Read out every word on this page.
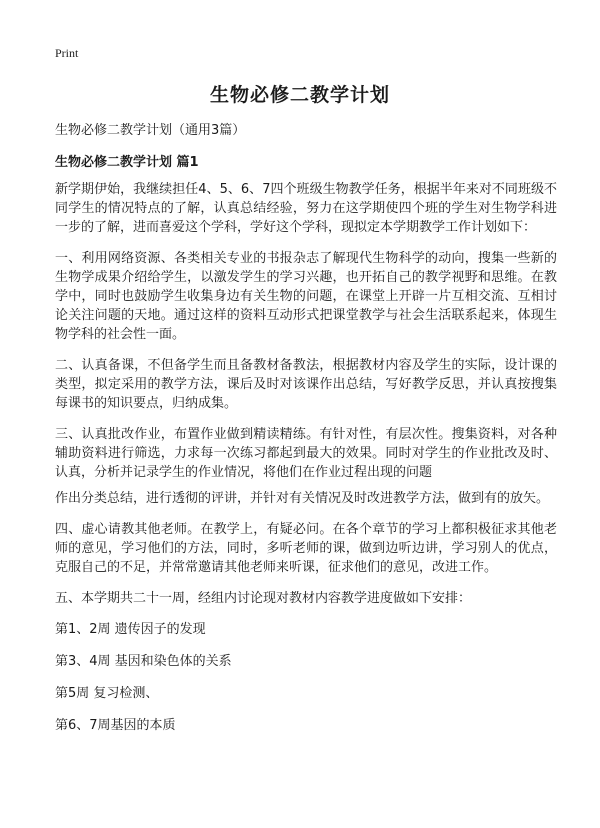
Print
生物必修二教学计划
生物必修二教学计划（通用3篇）
生物必修二教学计划 篇1

新学期伊始，我继续担任4、5、6、7四个班级生物教学任务，根据半年来对不同班级不同学生的情况特点的了解，认真总结经验，努力在这学期使四个班的学生对生物学科进一步的了解，进而喜爱这个学科，学好这个学科，现拟定本学期教学工作计划如下：

一、利用网络资源、各类相关专业的书报杂志了解现代生物科学的动向，搜集一些新的生物学成果介绍给学生，以激发学生的学习兴趣，也开拓自己的教学视野和思维。在教学中，同时也鼓励学生收集身边有关生物的问题，在课堂上开辟一片互相交流、互相讨论关注问题的天地。通过这样的资料互动形式把课堂教学与社会生活联系起来，体现生物学科的社会性一面。

二、认真备课，不但备学生而且备教材备教法，根据教材内容及学生的实际，设计课的类型，拟定采用的教学方法，课后及时对该课作出总结，写好教学反思，并认真按搜集每课书的知识要点，归纳成集。

三、认真批改作业，布置作业做到精读精练。有针对性，有层次性。搜集资料，对各种辅助资料进行筛选，力求每一次练习都起到最大的效果。同时对学生的作业批改及时、认真，分析并记录学生的作业情况，将他们在作业过程出现的问题

作出分类总结，进行透彻的评讲，并针对有关情况及时改进教学方法，做到有的放矢。

四、虚心请教其他老师。在教学上，有疑必问。在各个章节的学习上都积极征求其他老师的意见，学习他们的方法，同时，多听老师的课，做到边听边讲，学习别人的优点，克服自己的不足，并常常邀请其他老师来听课，征求他们的意见，改进工作。

五、本学期共二十一周，经组内讨论现对教材内容教学进度做如下安排：

第1、2周 遗传因子的发现
第3、4周 基因和染色体的关系
第5周 复习检测、
第6、7周基因的本质
